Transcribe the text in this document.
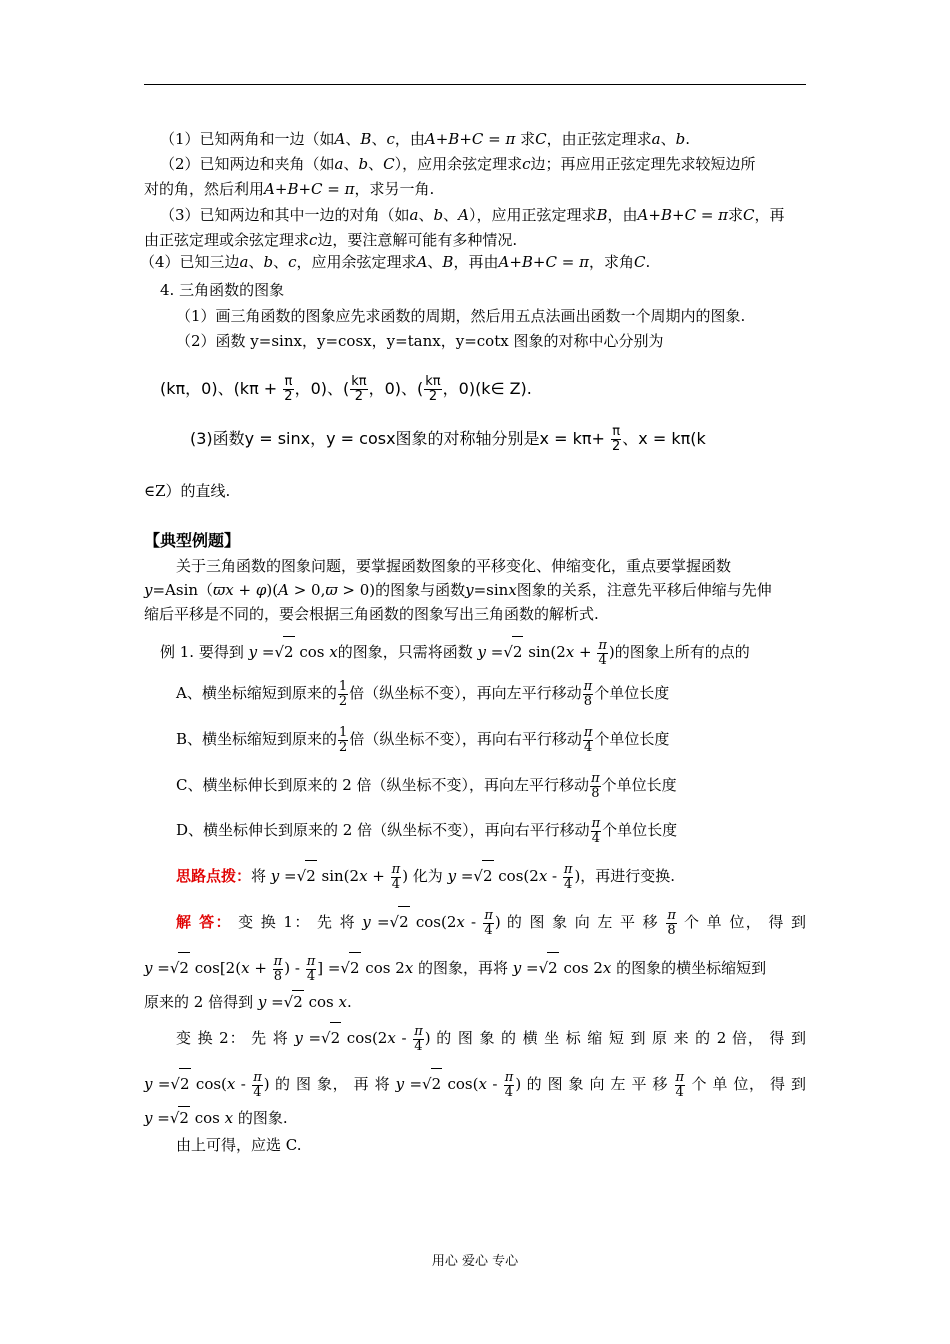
（1）已知两角和一边（如A、B、c，由A+B+C = π 求C，由正弦定理求a、b.
（2）已知两边和夹角（如a、b、C），应用余弦定理求c边；再应用正弦定理先求较短边所
对的角，然后利用A+B+C = π，求另一角.
（3）已知两边和其中一边的对角（如a、b、A），应用正弦定理求B，由A+B+C = π求C，再
由正弦定理或余弦定理求c边，要注意解可能有多种情况.
（4）已知三边a、b、c，应用余弦定理求A、B，再由A+B+C = π，求角C.
4. 三角函数的图象
（1）画三角函数的图象应先求函数的周期，然后用五点法画出函数一个周期内的图象.
（2）函数 y=sinx，y=cosx，y=tanx，y=cotx 图象的对称中心分别为
(kπ，0)、($k\pi + \frac{\pi}{2}$ ，0)、( $\frac{k\pi}{2}$ ，0)、( $\frac{k\pi}{2}$ ，0)(k∈ Z).
(3)函数y = sinx，y = cosx图象的对称轴分别是$x = k\pi+ \frac{\pi}{2}$ 、x = kπ(k
∈Z）的直线.
【典型例题】
关于三角函数的图象问题，要掌握函数图象的平移变化、伸缩变化，重点要掌握函数
y=Asin（ϖx + φ)(A > 0,ϖ > 0)的图象与函数y=sinx图象的关系，注意先平移后伸缩与先伸
缩后平移是不同的，要会根据三角函数的图象写出三角函数的解析式.
例 1. 要得到 y =√2 cos x的图象，只需将函数 y =√2 $\sin(2x + \frac{\pi}{4}$ )的图象上所有的点的
A、横坐标缩短到原来的 $\frac{1}{2}$ 倍（纵坐标不变），再向左平行移动 $\frac{\pi}{8}$ 个单位长度
B、横坐标缩短到原来的 $\frac{1}{2}$ 倍（纵坐标不变），再向右平行移动 $\frac{\pi}{4}$ 个单位长度
C、横坐标伸长到原来的 2 倍（纵坐标不变），再向左平行移动 $\frac{\pi}{8}$ 个单位长度
D、横坐标伸长到原来的 2 倍（纵坐标不变），再向右平行移动 $\frac{\pi}{4}$ 个单位长度
思路点拨：将 y =√2 $\sin(2x + \frac{\pi}{4}$ ) 化为 y =√2 $\cos(2x - \frac{\pi}{4}$ )，再进行变换.
解 答： 变 换 1： 先 将 y =√2 $\cos(2x - \frac{\pi}{4}$ ) 的 图 象 向 左 平 移 $\frac{\pi}{8}$ 个 单 位， 得 到
y =√2 $\cos[2(x + \frac{\pi}{8}$ ) - $\frac{\pi}{4}$ ] =√2 cos 2x 的图象，再将 y =√2 cos 2x 的图象的横坐标缩短到
原来的 2 倍得到 y =√2 cos x.
变 换 2： 先 将 y =√2 $\cos(2x - \frac{\pi}{4}$ ) 的 图 象 的 横 坐 标 缩 短 到 原 来 的 2 倍， 得 到
y =√2 $\cos(x - \frac{\pi}{4}$ ) 的 图 象， 再 将 y =√2 $\cos(x - \frac{\pi}{4}$ ) 的 图 象 向 左 平 移 $\frac{\pi}{4}$ 个 单 位， 得 到
y =√2 cos x 的图象.
由上可得，应选 C.
用心 爱心 专心
